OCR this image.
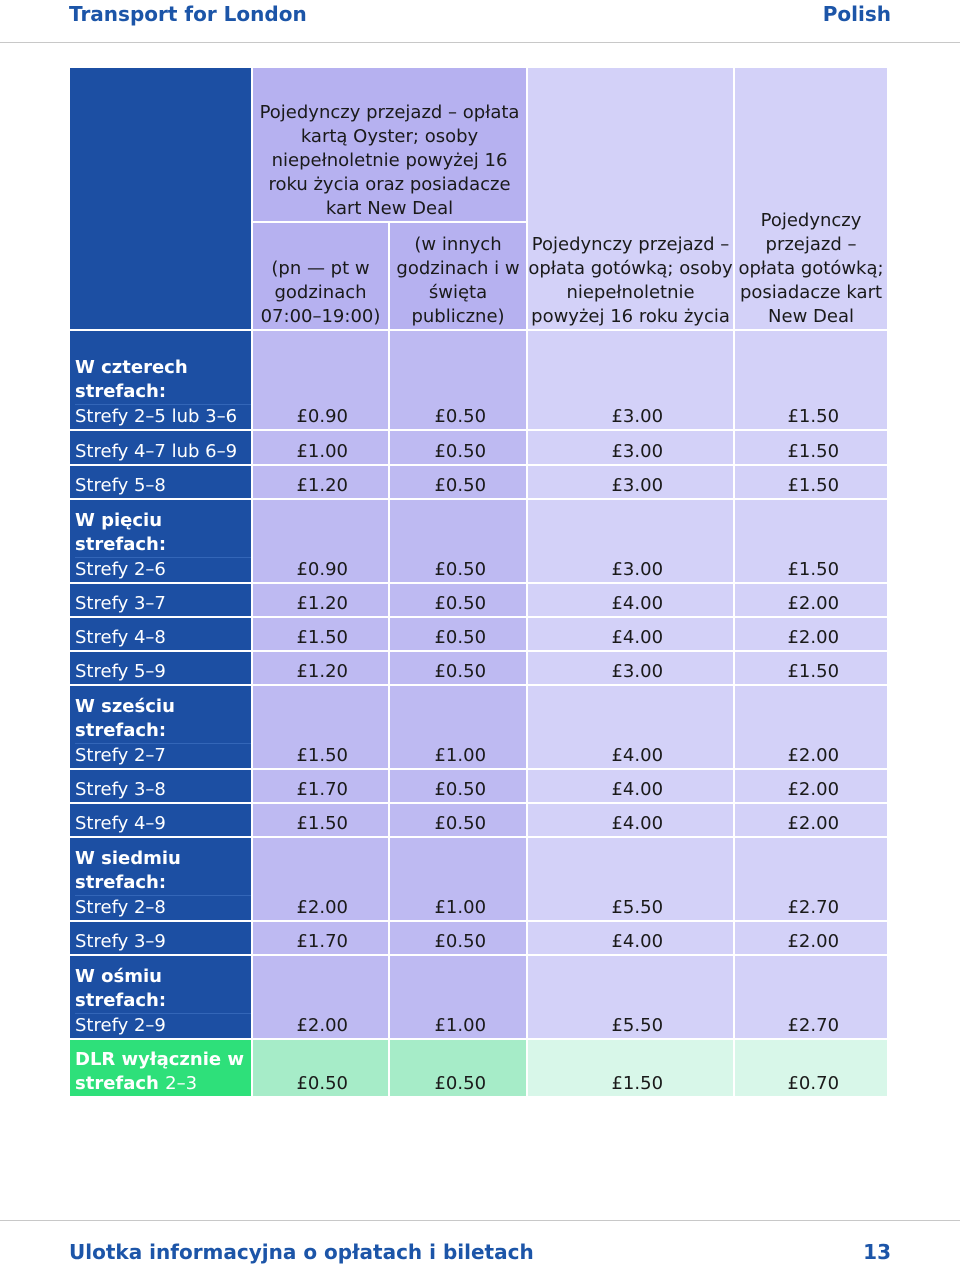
Transport for London	Polish
	Pojedynczy przejazd – opłata kartą Oyster; osoby niepełnoletnie powyżej 16 roku życia oraz posiadacze kart New Deal		Pojedynczy przejazd – opłata gotówką; osoby niepełnoletnie powyżej 16 roku życia	Pojedynczy przejazd – opłata gotówką; posiadacze kart New Deal
	(pn — pt w godzinach 07:00–19:00)	(w innych godzinach i w święta publiczne)		

W czterech strefach:
Strefy 2–5 lub 3–6	£0.90	£0.50	£3.00	£1.50
Strefy 4–7 lub 6–9	£1.00	£0.50	£3.00	£1.50
Strefy 5–8	£1.20	£0.50	£3.00	£1.50

W pięciu strefach:
Strefy 2–6	£0.90	£0.50	£3.00	£1.50
Strefy 3–7	£1.20	£0.50	£4.00	£2.00
Strefy 4–8	£1.50	£0.50	£4.00	£2.00
Strefy 5–9	£1.20	£0.50	£3.00	£1.50

W sześciu strefach:
Strefy 2–7	£1.50	£1.00	£4.00	£2.00
Strefy 3–8	£1.70	£0.50	£4.00	£2.00
Strefy 4–9	£1.50	£0.50	£4.00	£2.00

W siedmiu strefach:
Strefy 2–8	£2.00	£1.00	£5.50	£2.70
Strefy 3–9	£1.70	£0.50	£4.00	£2.00

W ośmiu strefach:
Strefy 2–9	£2.00	£1.00	£5.50	£2.70
DLR wyłącznie w strefach 2–3	£0.50	£0.50	£1.50	£0.70
Ulotka informacyjna o opłatach i biletach	13
